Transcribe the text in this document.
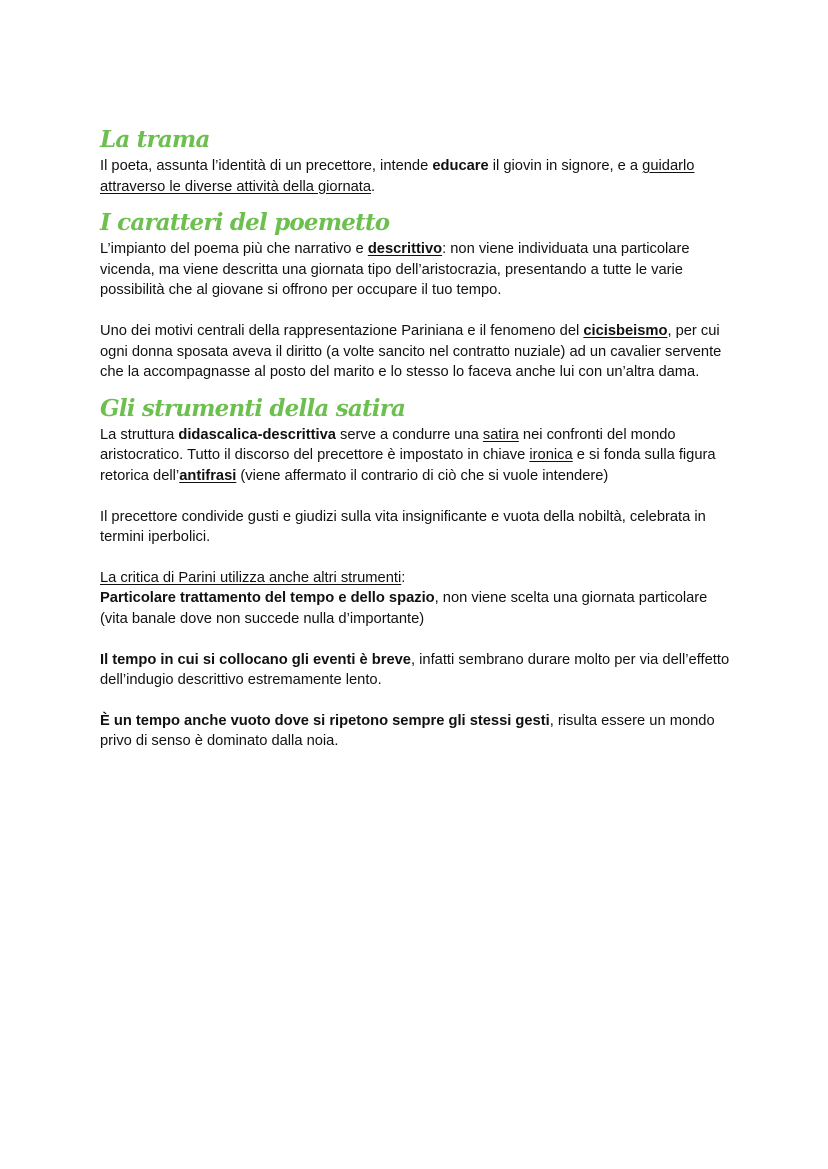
La trama

Il poeta, assunta l’identità di un precettore, intende educare il giovin in signore, e a guidarlo attraverso le diverse attività della giornata.

I caratteri del poemetto

L’impianto del poema più che narrativo e descrittivo: non viene individuata una particolare vicenda, ma viene descritta una giornata tipo dell’aristocrazia, presentando a tutte le varie possibilità che al giovane si offrono per occupare il tuo tempo.

Uno dei motivi centrali della rappresentazione Pariniana e il fenomeno del cicisbeismo, per cui ogni donna sposata aveva il diritto (a volte sancito nel contratto nuziale) ad un cavalier servente che la accompagnasse al posto del marito e lo stesso lo faceva anche lui con un’altra dama.

Gli strumenti della satira

La struttura didascalica-descrittiva serve a condurre una satira nei confronti del mondo aristocratico. Tutto il discorso del precettore è impostato in chiave ironica e si fonda sulla figura retorica dell’antifrasi (viene affermato il contrario di ciò che si vuole intendere)

Il precettore condivide gusti e giudizi sulla vita insignificante e vuota della nobiltà, celebrata in termini iperbolici.

La critica di Parini utilizza anche altri strumenti:
Particolare trattamento del tempo e dello spazio, non viene scelta una giornata particolare (vita banale dove non succede nulla d’importante)

Il tempo in cui si collocano gli eventi è breve, infatti sembrano durare molto per via dell’effetto dell’indugio descrittivo estremamente lento.

È un tempo anche vuoto dove si ripetono sempre gli stessi gesti, risulta essere un mondo privo di senso è dominato dalla noia.
